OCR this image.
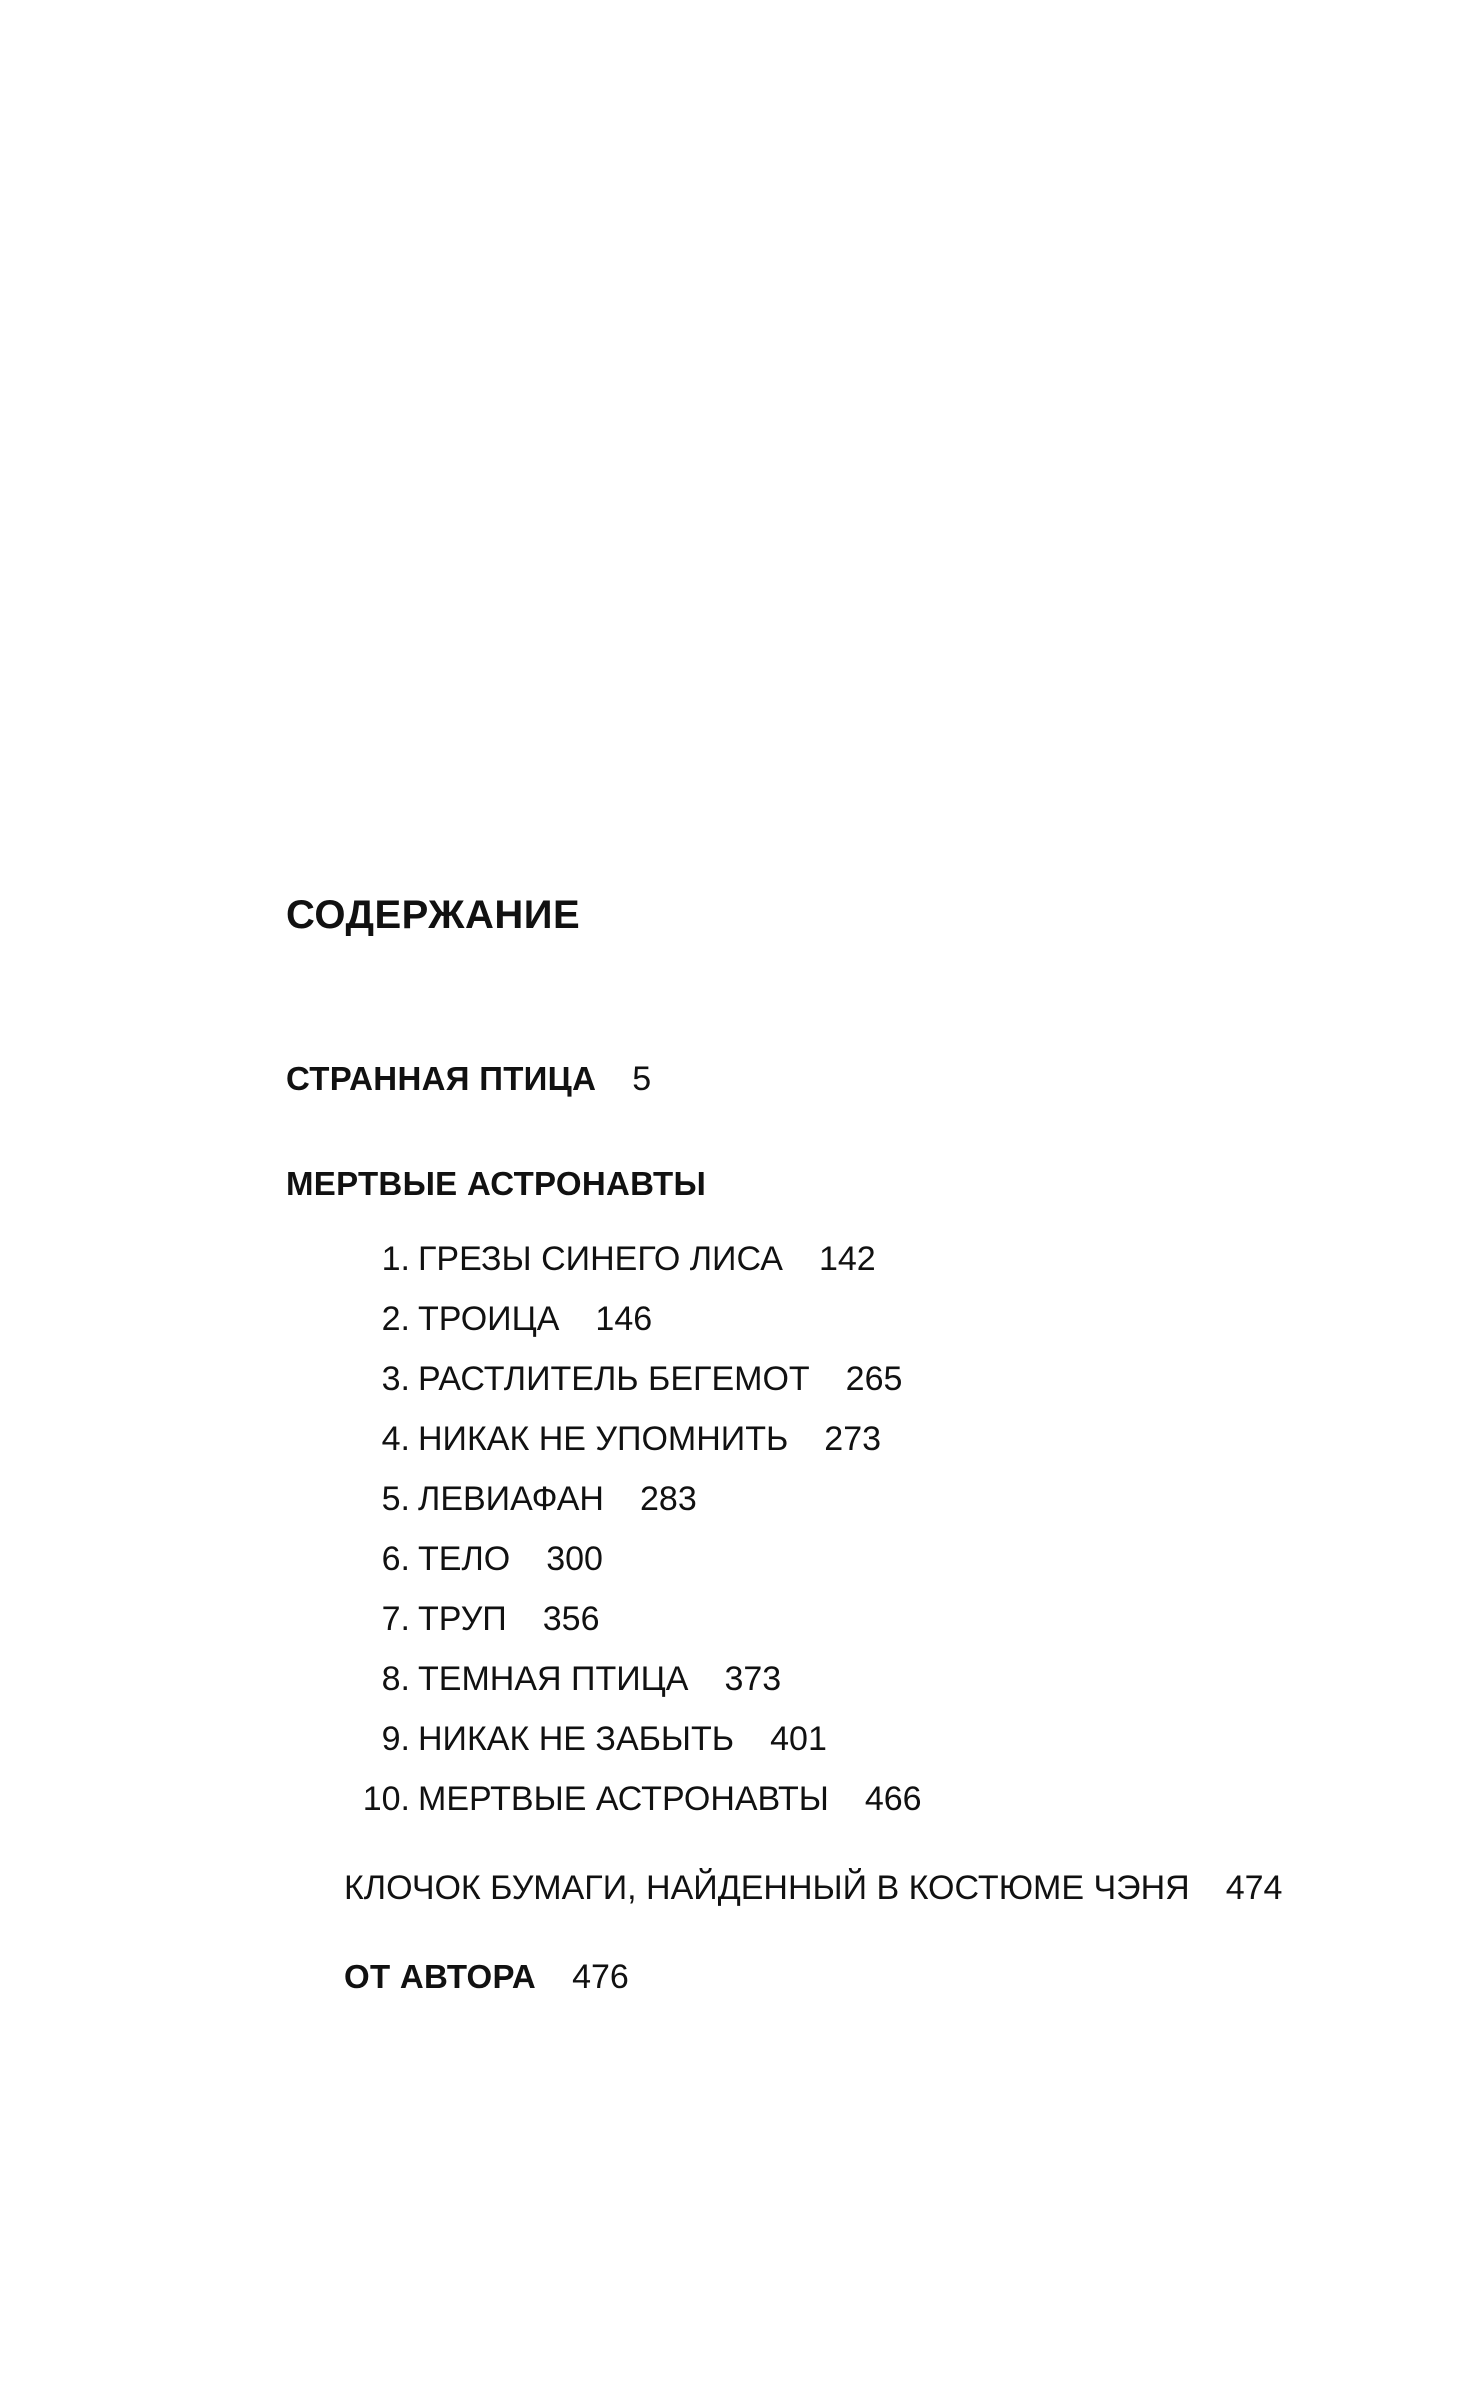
СОДЕРЖАНИЕ
СТРАННАЯ ПТИЦА 5
МЕРТВЫЕ АСТРОНАВТЫ
1. ГРЕЗЫ СИНЕГО ЛИСА 142
2. ТРОИЦА 146
3. РАСТЛИТЕЛЬ БЕГЕМОТ 265
4. НИКАК НЕ УПОМНИТЬ 273
5. ЛЕВИАФАН 283
6. ТЕЛО 300
7. ТРУП 356
8. ТЕМНАЯ ПТИЦА 373
9. НИКАК НЕ ЗАБЫТЬ 401
10. МЕРТВЫЕ АСТРОНАВТЫ 466
КЛОЧОК БУМАГИ, НАЙДЕННЫЙ В КОСТЮМЕ ЧЭНЯ 474
ОТ АВТОРА 476
